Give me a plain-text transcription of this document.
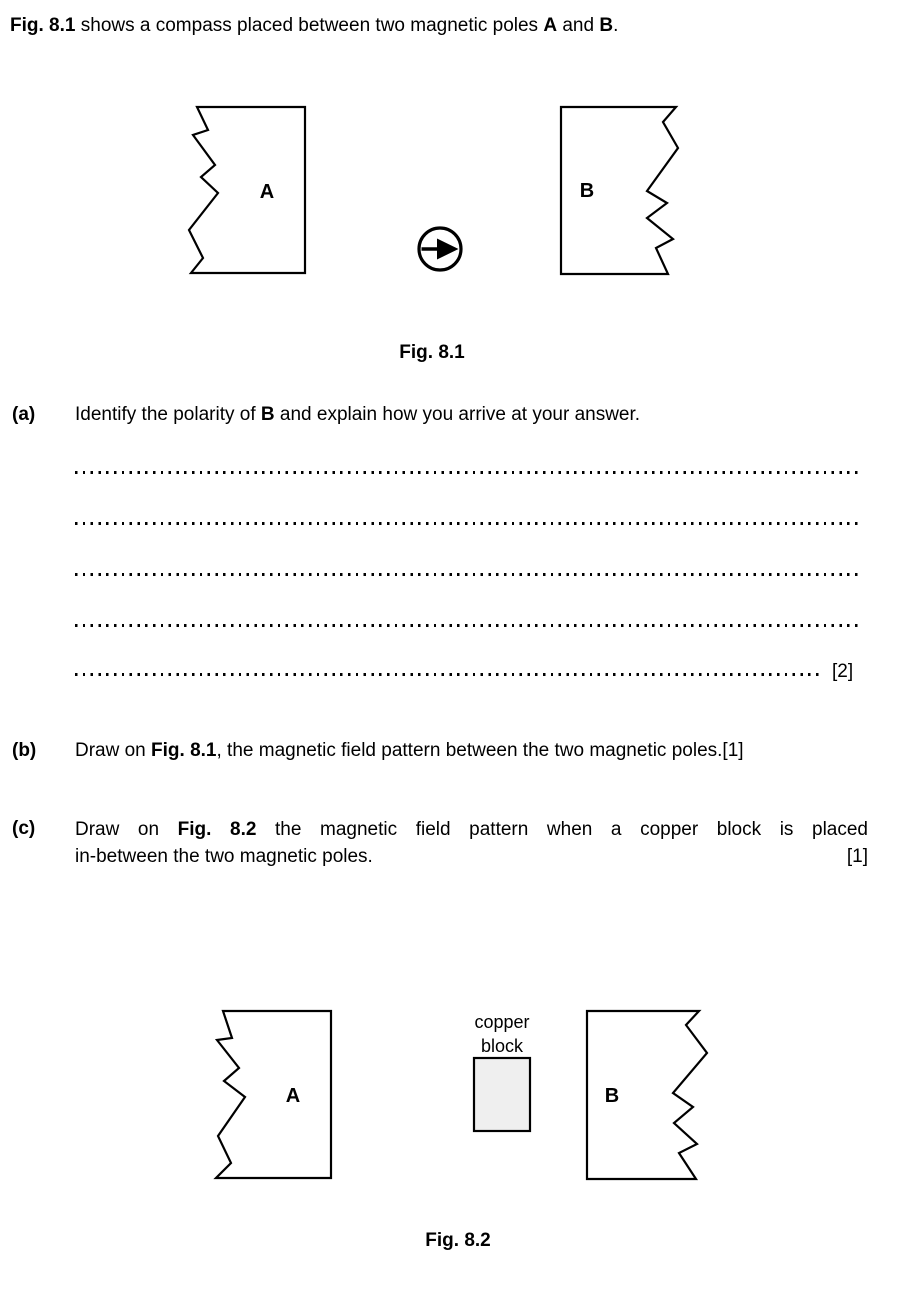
Fig. 8.1 shows a compass placed between two magnetic poles A and B.
A	B
Fig. 8.1
(a) Identify the polarity of B and explain how you arrive at your answer.
[2]
(b) Draw on Fig. 8.1, the magnetic field pattern between the two magnetic poles.[1]
(c) Draw on Fig. 8.2 the magnetic field pattern when a copper block is placed
in-between the two magnetic poles.	[1]
A
copper
block
B
Fig. 8.2
